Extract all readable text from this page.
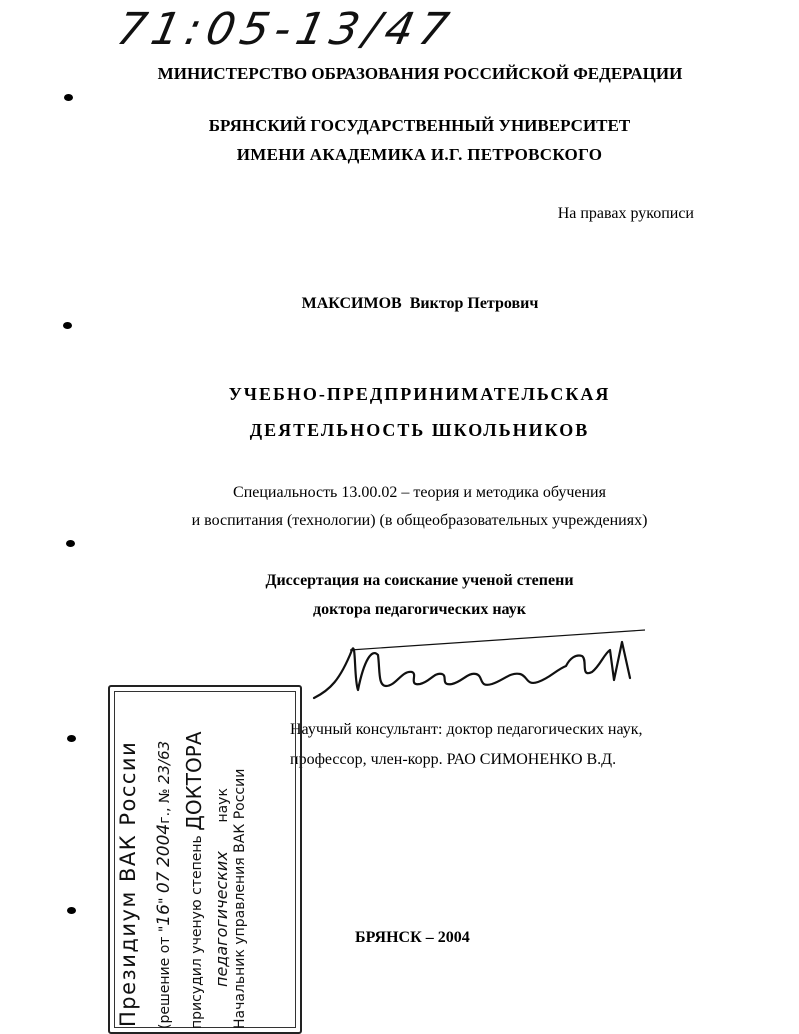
71:05-13/47
МИНИСТЕРСТВО ОБРАЗОВАНИЯ РОССИЙСКОЙ ФЕДЕРАЦИИ
БРЯНСКИЙ ГОСУДАРСТВЕННЫЙ УНИВЕРСИТЕТ
ИМЕНИ АКАДЕМИКА И.Г. ПЕТРОВСКОГО
На правах рукописи
МАКСИМОВ Виктор Петрович
УЧЕБНО-ПРЕДПРИНИМАТЕЛЬСКАЯ
ДЕЯТЕЛЬНОСТЬ ШКОЛЬНИКОВ
Специальность 13.00.02 – теория и методика обучения
и воспитания (технологии) (в общеобразовательных учреждениях)
Диссертация на соискание ученой степени
доктора педагогических наук
Научный консультант: доктор педагогических наук,
профессор, член-корр. РАО СИМОНЕНКО В.Д.
БРЯНСК – 2004
Президиум ВАК России (решение от "16" 07 2004г., № 23/63
присудил ученую степень ДОКТОРА
педагогических наук Начальник управления ВАК России
